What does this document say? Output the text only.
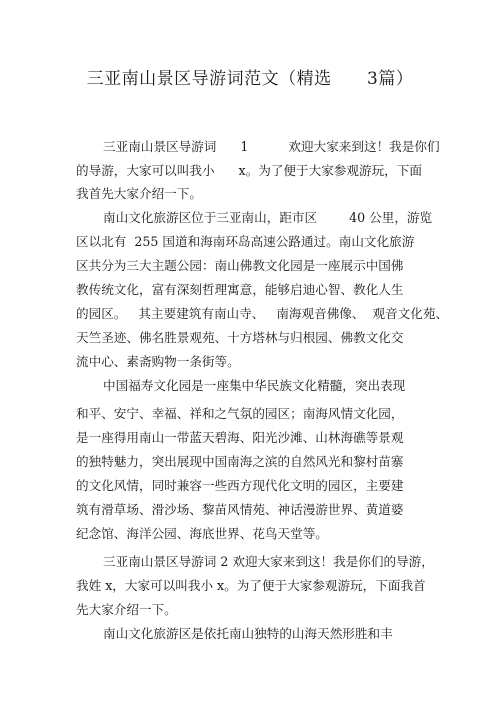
三亚南山景区导游词范文（精选      3篇）
三亚南山景区导游词      1          欢迎大家来到这！我是你们
的导游，大家可以叫我小      x。为了便于大家参观游玩，下面
我首先大家介绍一下。
南山文化旅游区位于三亚南山，距市区        40 公里，游览
区以北有  255 国道和海南环岛高速公路通过。南山文化旅游
区共分为三大主题公园：南山佛教文化园是一座展示中国佛
教传统文化，富有深刻哲理寓意，能够启迪心智、教化人生
的园区。   其主要建筑有南山寺、   南海观音佛像、  观音文化苑、
天竺圣迹、佛名胜景观苑、十方塔林与归根园、佛教文化交
流中心、素斋购物一条街等。
中国福寿文化园是一座集中华民族文化精髓，突出表现
和平、安宁、幸福、祥和之气氛的园区；南海风情文化园，
是一座得用南山一带蓝天碧海、阳光沙滩、山林海礁等景观
的独特魅力，突出展现中国南海之滨的自然风光和黎村苗寨
的文化风情，同时兼容一些西方现代化文明的园区，主要建
筑有滑草场、滑沙场、黎苗风情苑、神话漫游世界、黄道婆
纪念馆、海洋公园、海底世界、花鸟天堂等。
三亚南山景区导游词 2 欢迎大家来到这！我是你们的导游，
我姓 x，大家可以叫我小 x。为了便于大家参观游玩，下面我首
先大家介绍一下。
南山文化旅游区是依托南山独特的山海天然形胜和丰
